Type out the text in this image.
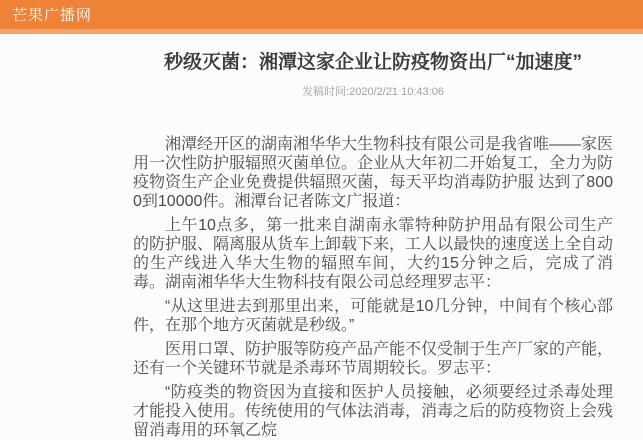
芒果广播网
秒级灭菌：湘潭这家企业让防疫物资出厂“加速度”
发稿时间:2020/2/21 10:43:06

湘潭经开区的湖南湘华华大生物科技有限公司是我省唯——家医用一次性防护服辐照灭菌单位。企业从大年初二开始复工，全力为防疫物资生产企业免费提供辐照灭菌，每天平均消毒防护服 达到了8000到10000件。湘潭台记者陈文广报道：

上午10点多，第一批来自湖南永霏特种防护用品有限公司生产的防护服、隔离服从货车上卸载下来，工人以最快的速度送上全自动的生产线进入华大生物的辐照车间，大约15分钟之后，完成了消毒。湖南湘华华大生物科技有限公司总经理罗志平：

“从这里进去到那里出来，可能就是10几分钟，中间有个核心部件，在那个地方灭菌就是秒级。”

医用口罩、防护服等防疫产品产能不仅受制于生产厂家的产能，还有一个关键环节就是杀毒环节周期较长。罗志平：

“防疫类的物资因为直接和医护人员接触，必须要经过杀毒处理才能投入使用。传统使用的气体法消毒，消毒之后的防疫物资上会残留消毒用的环氧乙烷
